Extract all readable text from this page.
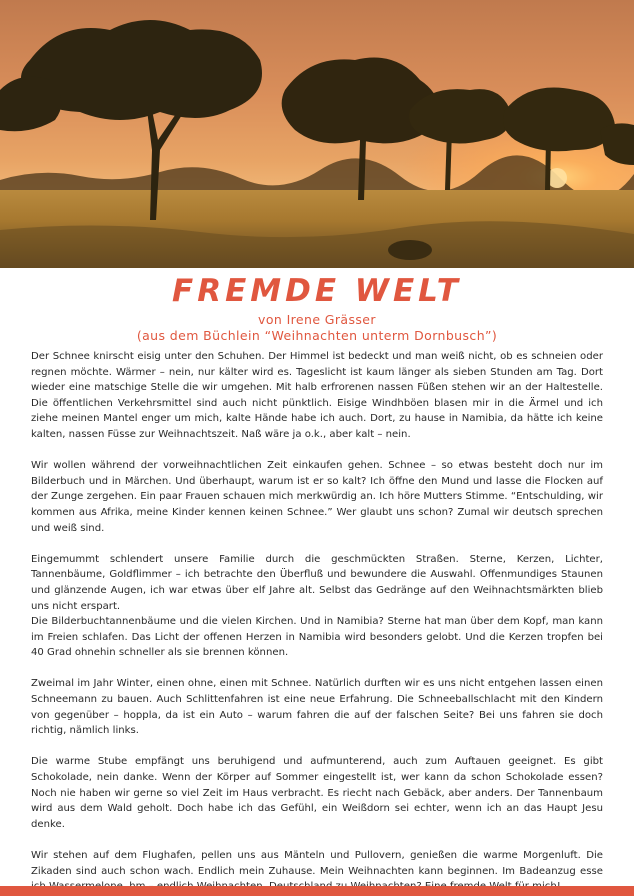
FREMDE WELT
von Irene Grässer
(aus dem Büchlein “Weihnachten unterm Dornbusch”)

Der Schnee knirscht eisig unter den Schuhen. Der Himmel ist bedeckt und man weiß nicht, ob es schneien oder regnen möchte. Wärmer – nein, nur kälter wird es. Tageslicht ist kaum länger als sieben Stunden am Tag. Dort wieder eine matschige Stelle die wir umgehen. Mit halb erfrorenen nassen Füßen stehen wir an der Haltestelle. Die öffentlichen Verkehrsmittel sind auch nicht pünktlich. Eisige Windhböen blasen mir in die Ärmel und ich ziehe meinen Mantel enger um mich, kalte Hände habe ich auch. Dort, zu hause in Namibia, da hätte ich keine kalten, nassen Füsse zur Weihnachtszeit. Naß wäre ja o.k., aber kalt – nein.

Wir wollen während der vorweihnachtlichen Zeit einkaufen gehen. Schnee – so etwas besteht doch nur im Bilderbuch und in Märchen. Und überhaupt, warum ist er so kalt? Ich öffne den Mund und lasse die Flocken auf der Zunge zergehen. Ein paar Frauen schauen mich merkwürdig an. Ich höre Mutters Stimme. “Entschulding, wir kommen aus Afrika, meine Kinder kennen keinen Schnee.” Wer glaubt uns schon? Zumal wir deutsch sprechen und weiß sind.

Eingemummt schlendert unsere Familie durch die geschmückten Straßen. Sterne, Kerzen, Lichter, Tannenbäume, Goldflimmer – ich betrachte den Überfluß und bewundere die Auswahl. Offenmundiges Staunen und glänzende Augen, ich war etwas über elf Jahre alt. Selbst das Gedränge auf den Weihnachtsmärkten blieb uns nicht erspart.
Die Bilderbuchtannenbäume und die vielen Kirchen. Und in Namibia? Sterne hat man über dem Kopf, man kann im Freien schlafen. Das Licht der offenen Herzen in Namibia wird besonders gelobt. Und die Kerzen tropfen bei 40 Grad ohnehin schneller als sie brennen können.

Zweimal im Jahr Winter, einen ohne, einen mit Schnee. Natürlich durften wir es uns nicht entgehen lassen einen Schneemann zu bauen. Auch Schlittenfahren ist eine neue Erfahrung. Die Schneeballschlacht mit den Kindern von gegenüber – hoppla, da ist ein Auto – warum fahren die auf der falschen Seite? Bei uns fahren sie doch richtig, nämlich links.

Die warme Stube empfängt uns beruhigend und aufmunterend, auch zum Auftauen geeignet. Es gibt Schokolade, nein danke. Wenn der Körper auf Sommer eingestellt ist, wer kann da schon Schokolade essen? Noch nie haben wir gerne so viel Zeit im Haus verbracht. Es riecht nach Gebäck, aber anders. Der Tannenbaum wird aus dem Wald geholt. Doch habe ich das Gefühl, ein Weißdorn sei echter, wenn ich an das Haupt Jesu denke.

Wir stehen auf dem Flughafen, pellen uns aus Mänteln und Pullovern, genießen die warme Morgenluft. Die Zikaden sind auch schon wach. Endlich mein Zuhause. Mein Weihnachten kann beginnen. Im Badeanzug esse
